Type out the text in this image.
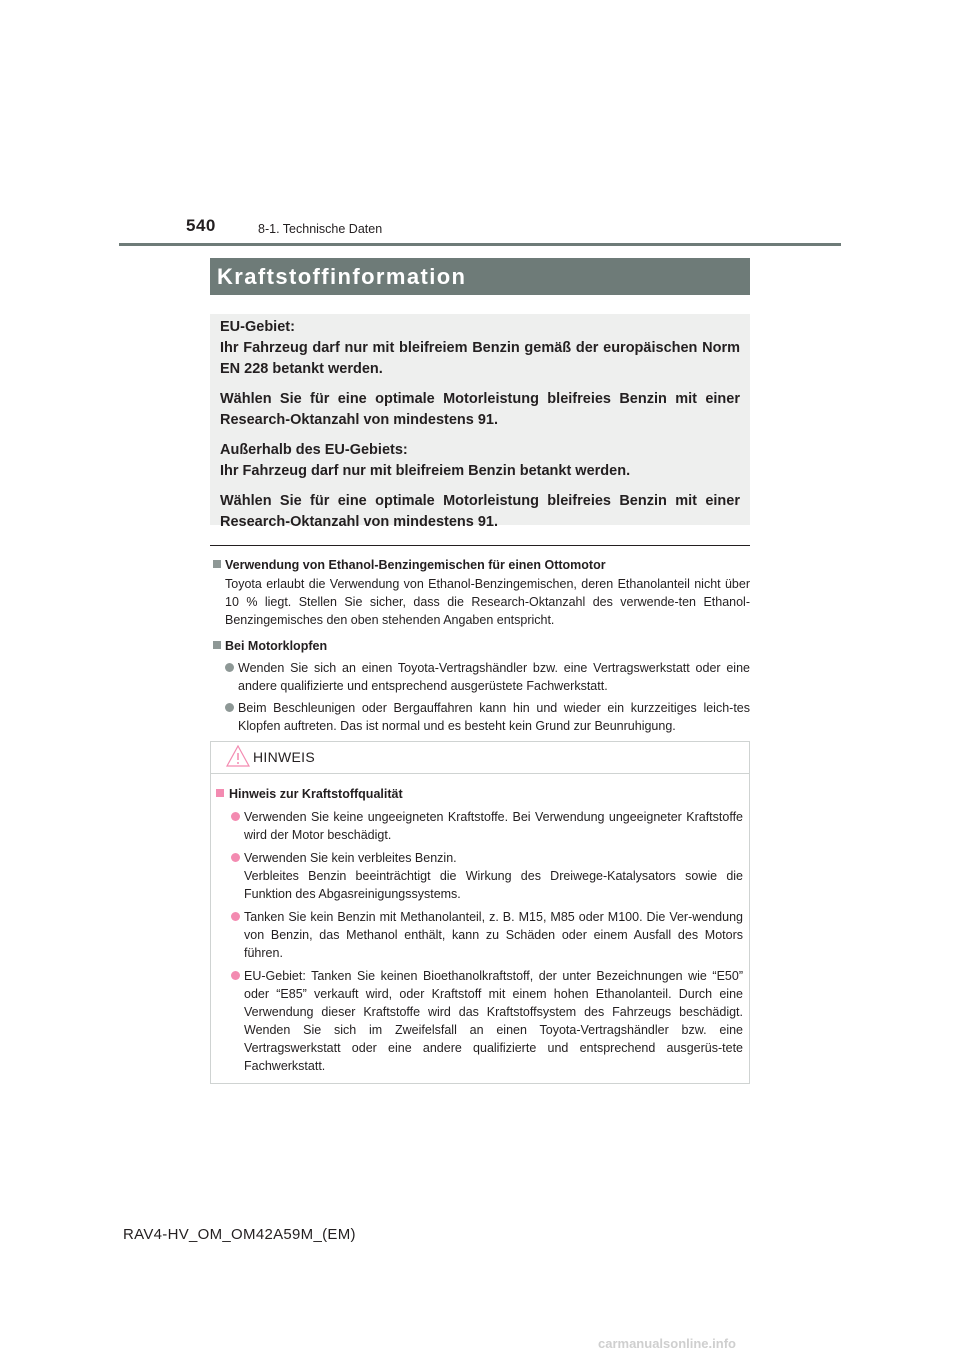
540	8-1. Technische Daten
Kraftstoffinformation

EU-Gebiet:

Ihr Fahrzeug darf nur mit bleifreiem Benzin gemäß der europäischen Norm EN 228 betankt werden.

Wählen Sie für eine optimale Motorleistung bleifreies Benzin mit einer Research-Oktanzahl von mindestens 91.

Außerhalb des EU-Gebiets:

Ihr Fahrzeug darf nur mit bleifreiem Benzin betankt werden.

Wählen Sie für eine optimale Motorleistung bleifreies Benzin mit einer Research-Oktanzahl von mindestens 91.

Verwendung von Ethanol-Benzingemischen für einen Ottomotor

Toyota erlaubt die Verwendung von Ethanol-Benzingemischen, deren Ethanolanteil nicht über 10 % liegt. Stellen Sie sicher, dass die Research-Oktanzahl des verwende-ten Ethanol-Benzingemisches den oben stehenden Angaben entspricht.

Bei Motorklopfen

Wenden Sie sich an einen Toyota-Vertragshändler bzw. eine Vertragswerkstatt oder eine andere qualifizierte und entsprechend ausgerüstete Fachwerkstatt.

Beim Beschleunigen oder Bergauffahren kann hin und wieder ein kurzzeitiges leich-tes Klopfen auftreten. Das ist normal und es besteht kein Grund zur Beunruhigung.

HINWEIS

Hinweis zur Kraftstoffqualität

Verwenden Sie keine ungeeigneten Kraftstoffe. Bei Verwendung ungeeigneter Kraftstoffe wird der Motor beschädigt.

Verwenden Sie kein verbleites Benzin.
Verbleites Benzin beeinträchtigt die Wirkung des Dreiwege-Katalysators sowie die Funktion des Abgasreinigungssystems.

Tanken Sie kein Benzin mit Methanolanteil, z. B. M15, M85 oder M100. Die Ver-wendung von Benzin, das Methanol enthält, kann zu Schäden oder einem Ausfall des Motors führen.

EU-Gebiet: Tanken Sie keinen Bioethanolkraftstoff, der unter Bezeichnungen wie “E50” oder “E85” verkauft wird, oder Kraftstoff mit einem hohen Ethanolanteil. Durch eine Verwendung dieser Kraftstoffe wird das Kraftstoffsystem des Fahrzeugs beschädigt. Wenden Sie sich im Zweifelsfall an einen Toyota-Vertragshändler bzw. eine Vertragswerkstatt oder eine andere qualifizierte und entsprechend ausgerüs-tete Fachwerkstatt.

RAV4-HV_OM_OM42A59M_(EM)
carmanualsonline.info
